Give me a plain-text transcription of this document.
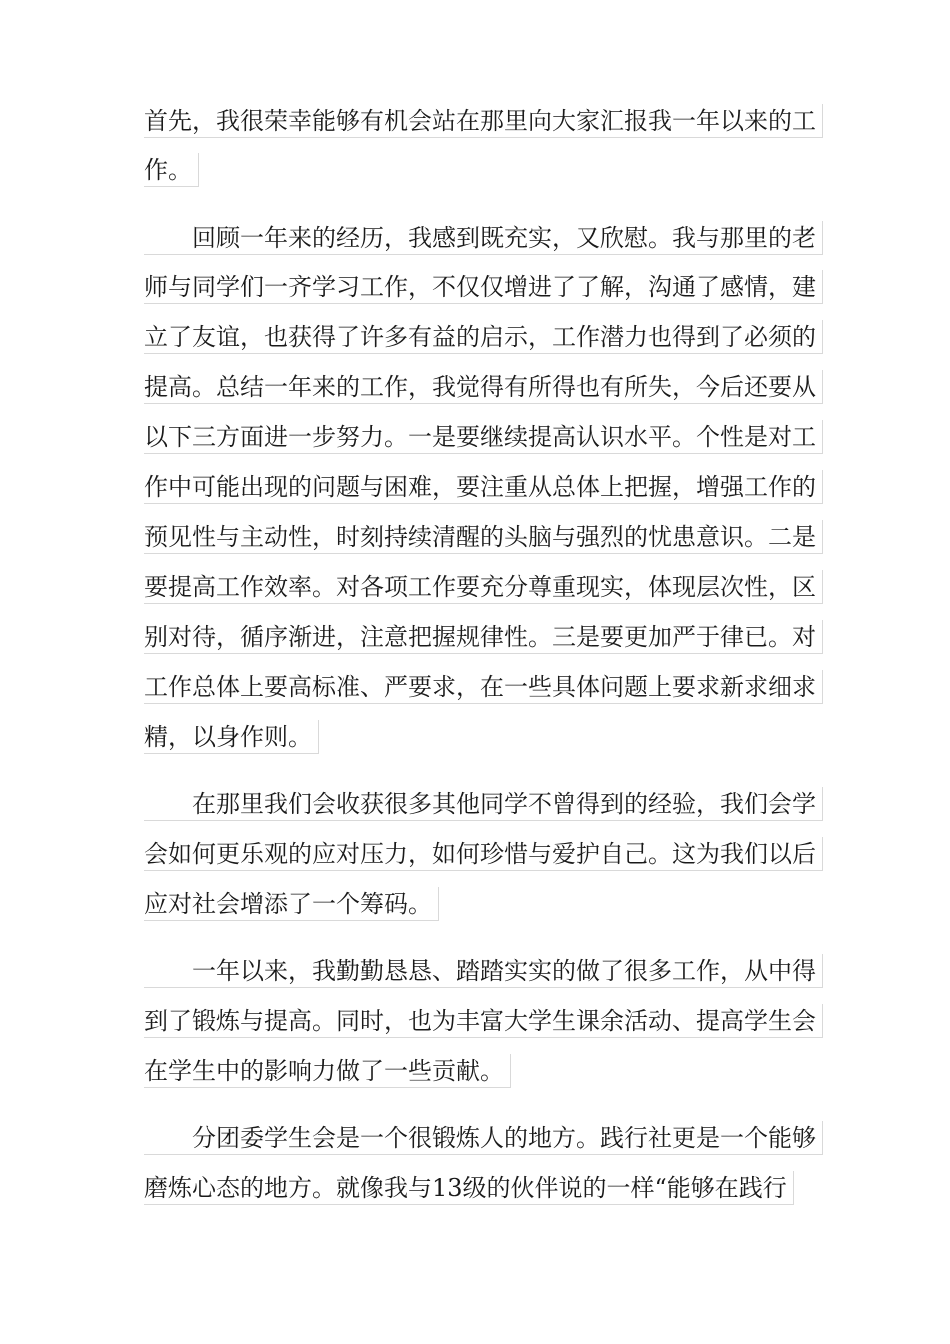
首先，我很荣幸能够有机会站在那里向大家汇报我一年以来的工
作。
回顾一年来的经历，我感到既充实，又欣慰。我与那里的老
师与同学们一齐学习工作，不仅仅增进了了解，沟通了感情，建
立了友谊，也获得了许多有益的启示，工作潜力也得到了必须的
提高。总结一年来的工作，我觉得有所得也有所失，今后还要从
以下三方面进一步努力。一是要继续提高认识水平。个性是对工
作中可能出现的问题与困难，要注重从总体上把握，增强工作的
预见性与主动性，时刻持续清醒的头脑与强烈的忧患意识。二是
要提高工作效率。对各项工作要充分尊重现实，体现层次性，区
别对待，循序渐进，注意把握规律性。三是要更加严于律已。对
工作总体上要高标准、严要求，在一些具体问题上要求新求细求
精，以身作则。
在那里我们会收获很多其他同学不曾得到的经验，我们会学
会如何更乐观的应对压力，如何珍惜与爱护自己。这为我们以后
应对社会增添了一个筹码。
一年以来，我勤勤恳恳、踏踏实实的做了很多工作，从中得
到了锻炼与提高。同时，也为丰富大学生课余活动、提高学生会
在学生中的影响力做了一些贡献。
分团委学生会是一个很锻炼人的地方。践行社更是一个能够
磨炼心态的地方。就像我与13级的伙伴说的一样“能够在践行
